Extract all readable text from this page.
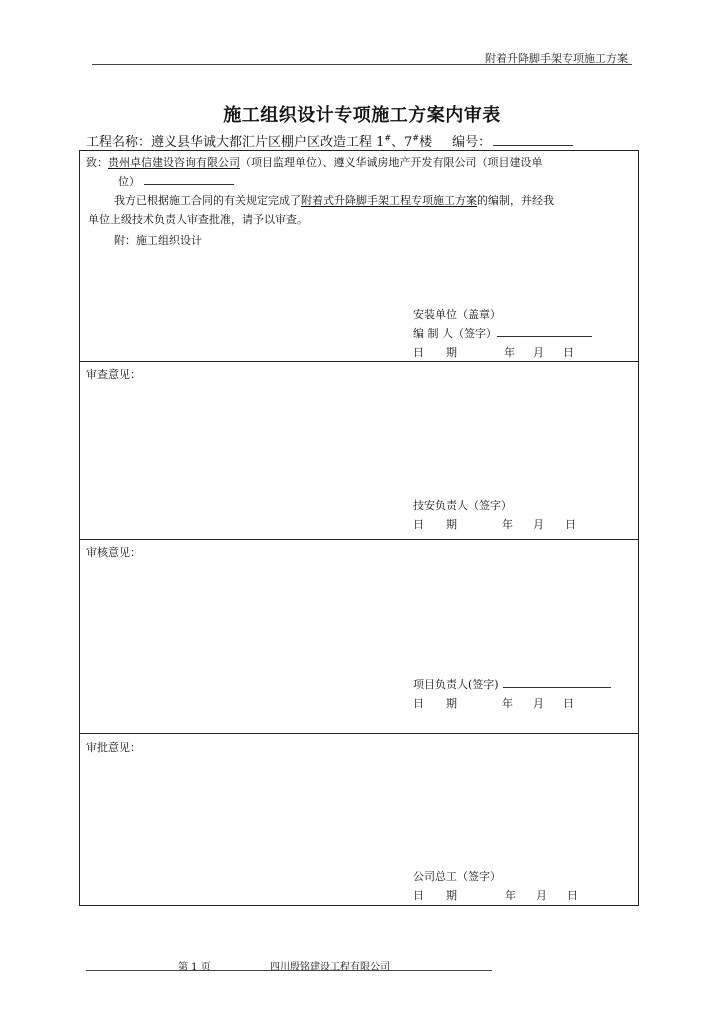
附着升降脚手架专项施工方案
施工组织设计专项施工方案内审表
工程名称：遵义县华诚大都汇片区棚户区改造工程 1#、7#楼 编号：
致：贵州卓信建设咨询有限公司（项目监理单位）、遵义华诚房地产开发有限公司（项目建设单
位）
我方已根据施工合同的有关规定完成了附着式升降脚手架工程专项施工方案的编制，并经我
单位上级技术负责人审查批准，请予以审查。
附：施工组织设计
安装单位（盖章）
编 制 人（签字）
日　　期	年 月 日
审查意见：
技安负责人（签字）
日　　期	年 月 日
审核意见：
项目负责人(签字)
日　　期	年 月 日
审批意见：
公司总工（签字）
日　　期	年 月 日
第 1 页	四川殷铭建设工程有限公司
